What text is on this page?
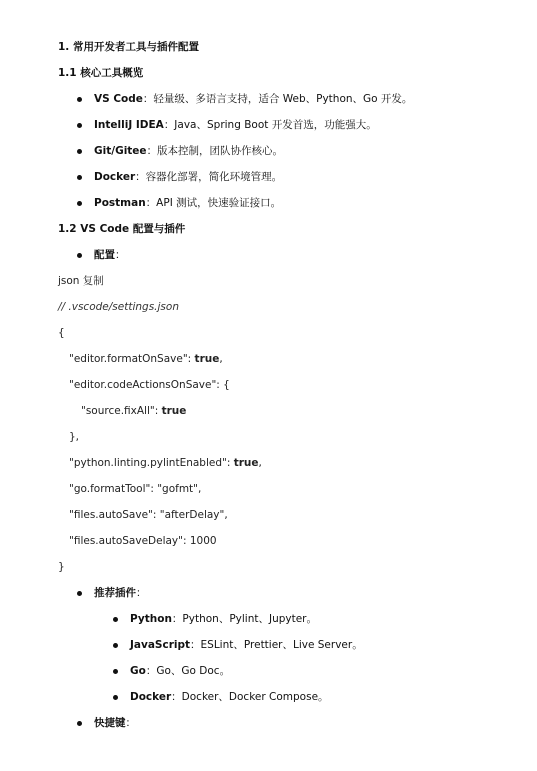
1. 常用开发者工具与插件配置
1.1 核心工具概览
VS Code：轻量级、多语言支持，适合 Web、Python、Go 开发。
IntelliJ IDEA：Java、Spring Boot 开发首选，功能强大。
Git/Gitee：版本控制，团队协作核心。
Docker：容器化部署，简化环境管理。
Postman：API 测试，快速验证接口。
1.2 VS Code 配置与插件
配置：
json 复制
// .vscode/settings.json
{
"editor.formatOnSave": true,
"editor.codeActionsOnSave": {
"source.fixAll": true
},
"python.linting.pylintEnabled": true,
"go.formatTool": "gofmt",
"files.autoSave": "afterDelay",
"files.autoSaveDelay": 1000
}
推荐插件：
Python：Python、Pylint、Jupyter。
JavaScript：ESLint、Prettier、Live Server。
Go：Go、Go Doc。
Docker：Docker、Docker Compose。
快捷键：
